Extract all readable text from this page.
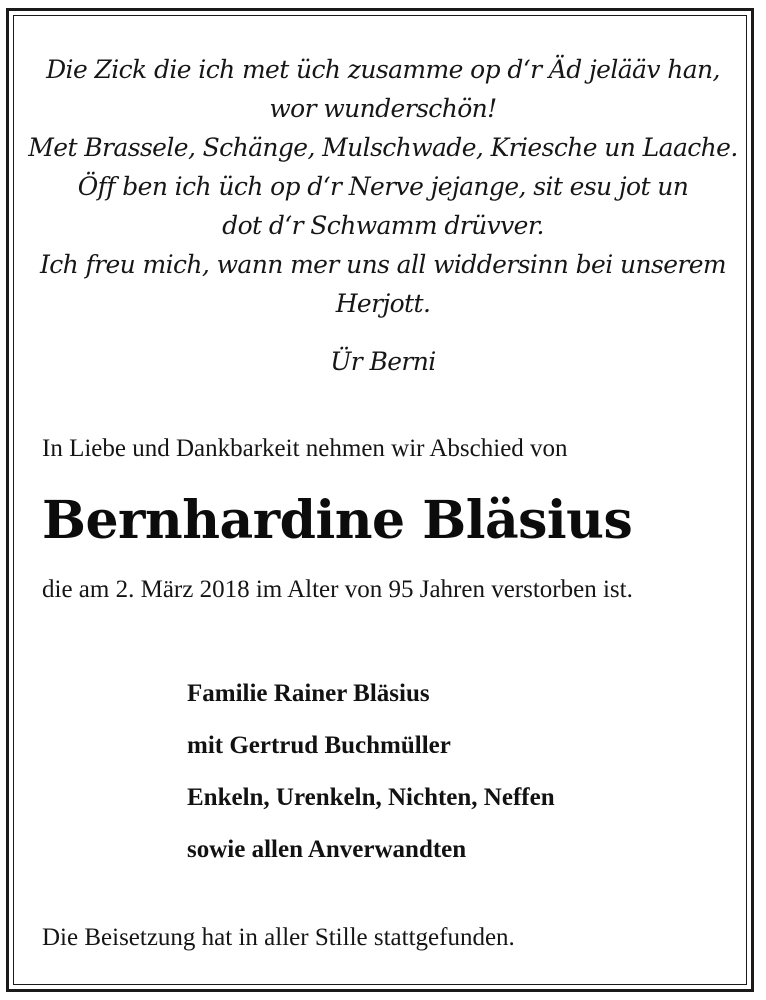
Die Zick die ich met üch zusamme op d‘r Äd jelääv han,
wor wunderschön!
Met Brassele, Schänge, Mulschwade, Kriesche un Laache.
Öff ben ich üch op d‘r Nerve jejange, sit esu jot un
dot d‘r Schwamm drüvver.
Ich freu mich, wann mer uns all widdersinn bei unserem
Herjott.
Ür Berni
In Liebe und Dankbarkeit nehmen wir Abschied von
Bernhardine Bläsius
die am 2. März 2018 im Alter von 95 Jahren verstorben ist.
Familie Rainer Bläsius
mit Gertrud Buchmüller
Enkeln, Urenkeln, Nichten, Neffen
sowie allen Anverwandten
Die Beisetzung hat in aller Stille stattgefunden.
